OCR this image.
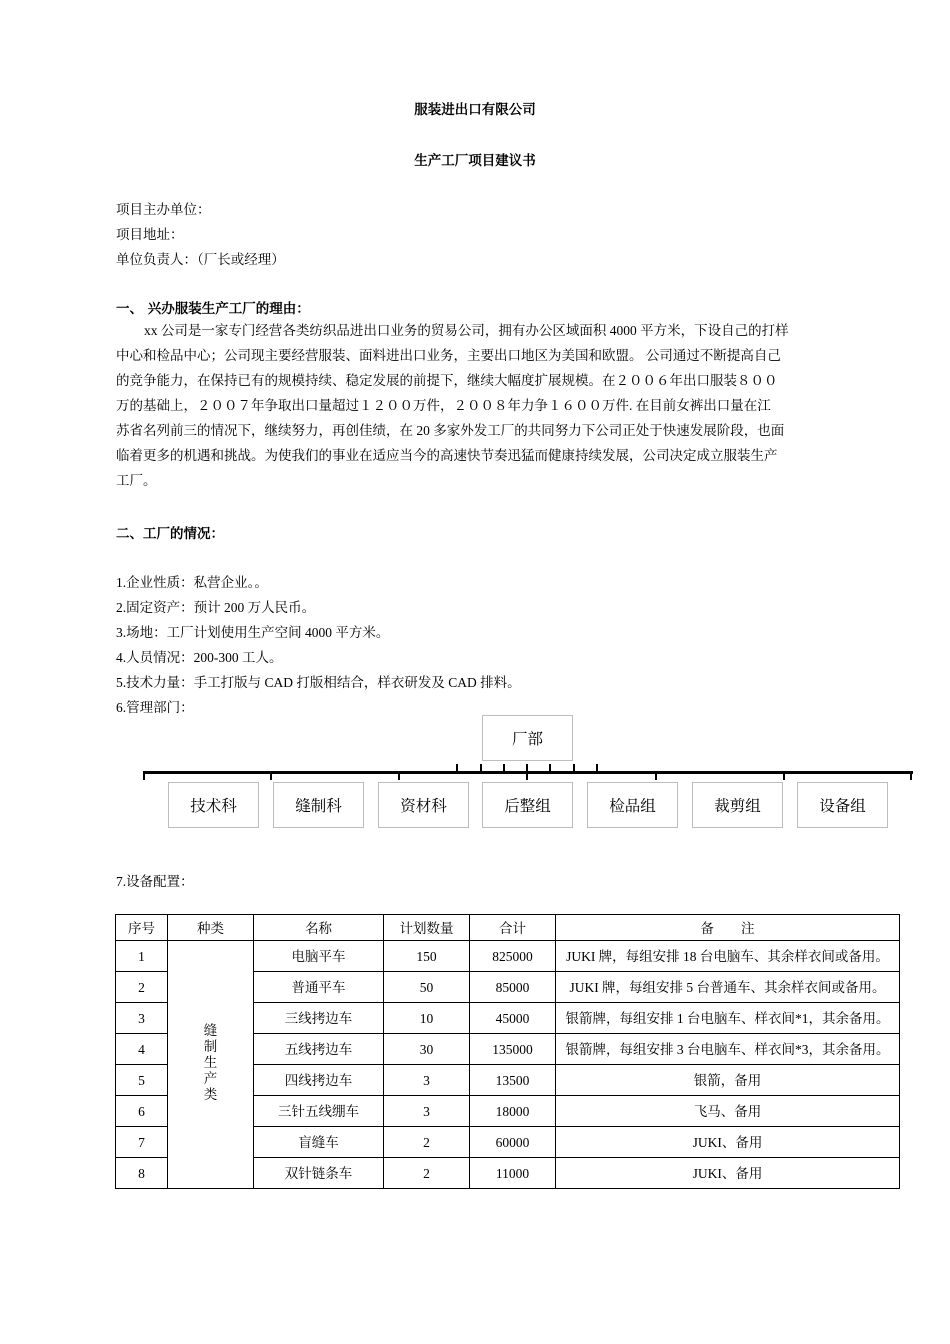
服装进出口有限公司
生产工厂项目建议书
项目主办单位：
项目地址：
单位负责人：（厂长或经理）
一、 兴办服装生产工厂的理由：
xx 公司是一家专门经营各类纺织品进出口业务的贸易公司，拥有办公区域面积 4000 平方米，下设自己的打样
中心和检品中心；公司现主要经营服装、面料进出口业务，主要出口地区为美国和欧盟。 公司通过不断提高自己
的竞争能力，在保持已有的规模持续、稳定发展的前提下，继续大幅度扩展规模。在２００６年出口服装８００
万的基础上，２００７年争取出口量超过１２００万件，２００８年力争１６００万件. 在目前女裤出口量在江
苏省名列前三的情况下，继续努力，再创佳绩，在 20 多家外发工厂的共同努力下公司正处于快速发展阶段，也面
临着更多的机遇和挑战。为使我们的事业在适应当今的高速快节奏迅猛而健康持续发展，公司决定成立服装生产
工厂。
二、工厂的情况：
1.企业性质：私营企业。。
2.固定资产：预计 200 万人民币。
3.场地：工厂计划使用生产空间 4000 平方米。
4.人员情况：200-300 工人。
5.技术力量：手工打版与 CAD 打版相结合，样衣研发及 CAD 排料。
6.管理部门：
厂部
技术科	缝制科	资材科	后整组	检品组	裁剪组	设备组
7.设备配置：
序号	种类	名称	计划数量	合计	备　　注
1	缝制生产类	电脑平车	150	825000	JUKI 牌，每组安排 18 台电脑车、其余样衣间或备用。
2		普通平车	50	85000	JUKI 牌，每组安排 5 台普通车、其余样衣间或备用。
3		三线拷边车	10	45000	银箭牌，每组安排 1 台电脑车、样衣间*1，其余备用。
4		五线拷边车	30	135000	银箭牌，每组安排 3 台电脑车、样衣间*3，其余备用。
5		四线拷边车	3	13500	银箭，备用
6		三针五线绷车	3	18000	飞马、备用
7		盲缝车	2	60000	JUKI、备用
8		双针链条车	2	11000	JUKI、备用
